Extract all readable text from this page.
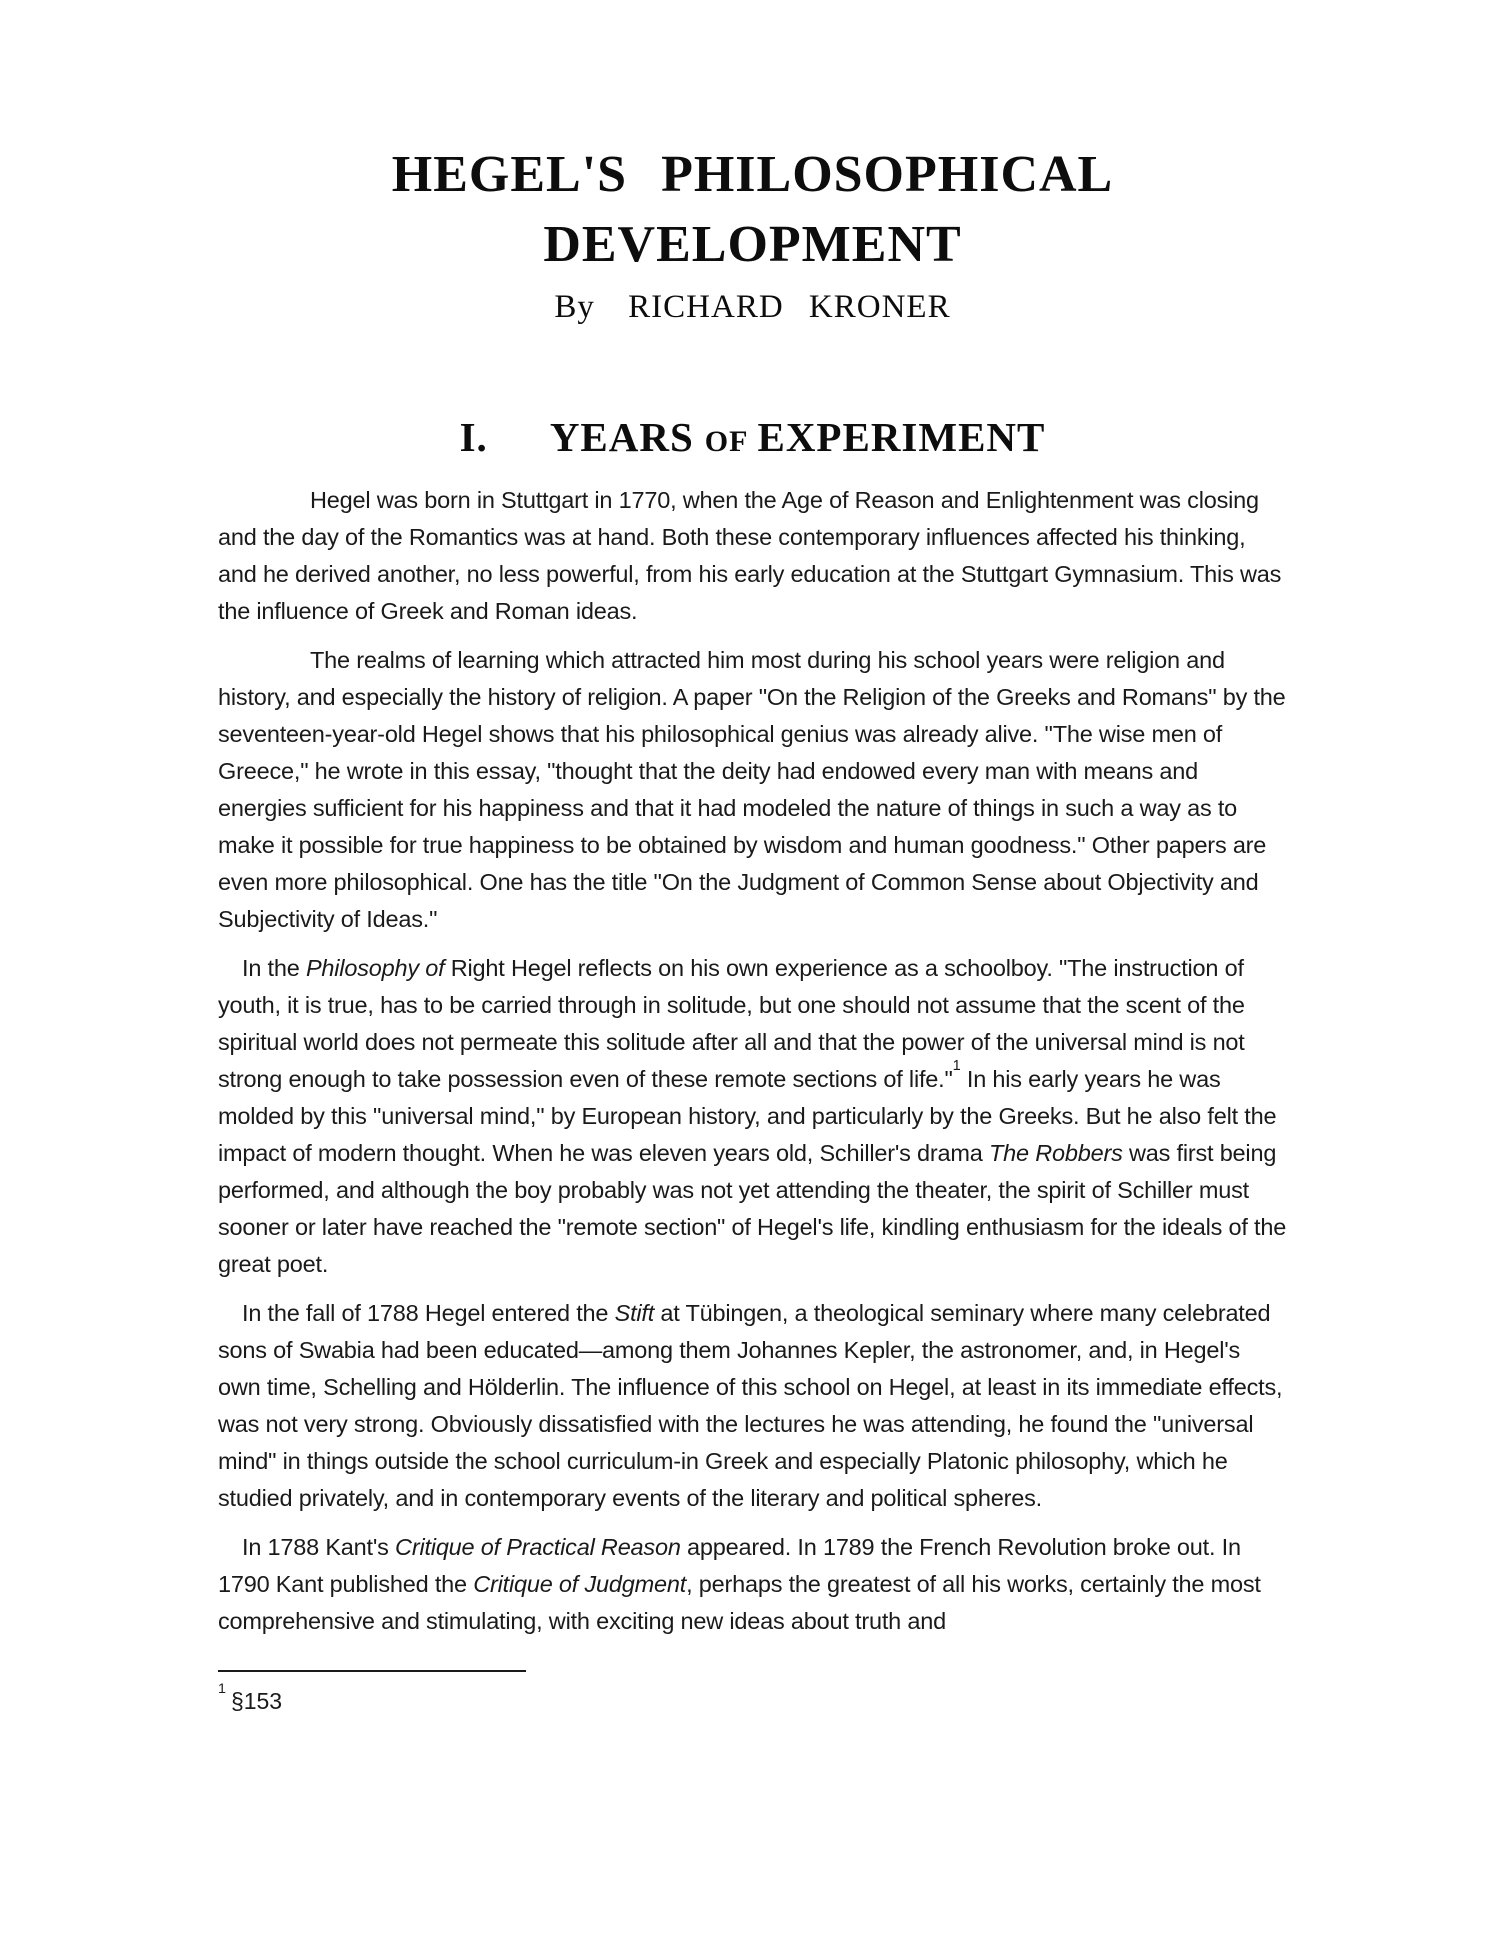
HEGEL'S PHILOSOPHICAL
DEVELOPMENT
By RICHARD KRONER
I. YEARS OF EXPERIMENT

Hegel was born in Stuttgart in 1770, when the Age of Reason and Enlightenment was closing and the day of the Romantics was at hand. Both these contemporary influences affected his thinking, and he derived another, no less powerful, from his early education at the Stuttgart Gymnasium. This was the influence of Greek and Roman ideas.

The realms of learning which attracted him most during his school years were religion and history, and especially the history of religion. A paper "On the Religion of the Greeks and Romans" by the seventeen-year-old Hegel shows that his philosophical genius was already alive. "The wise men of Greece," he wrote in this essay, "thought that the deity had endowed every man with means and energies sufficient for his happiness and that it had modeled the nature of things in such a way as to make it possible for true happiness to be obtained by wisdom and human goodness." Other papers are even more philosophical. One has the title "On the Judgment of Common Sense about Objectivity and Subjectivity of Ideas."

In the Philosophy of Right Hegel reflects on his own experience as a schoolboy. "The instruction of youth, it is true, has to be carried through in solitude, but one should not assume that the scent of the spiritual world does not permeate this solitude after all and that the power of the universal mind is not strong enough to take possession even of these remote sections of life."$^1$ In his early years he was molded by this "universal mind," by European history, and particularly by the Greeks. But he also felt the impact of modern thought. When he was eleven years old, Schiller's drama The Robbers was first being performed, and although the boy probably was not yet attending the theater, the spirit of Schiller must sooner or later have reached the "remote section" of Hegel's life, kindling enthusiasm for the ideals of the great poet.

In the fall of 1788 Hegel entered the Stift at Tübingen, a theological seminary where many celebrated sons of Swabia had been educated—among them Johannes Kepler, the astronomer, and, in Hegel's own time, Schelling and Hölderlin. The influence of this school on Hegel, at least in its immediate effects, was not very strong. Obviously dissatisfied with the lectures he was attending, he found the "universal mind" in things outside the school curriculum-in Greek and especially Platonic philosophy, which he studied privately, and in contemporary events of the literary and political spheres.

In 1788 Kant's Critique of Practical Reason appeared. In 1789 the French Revolution broke out. In 1790 Kant published the Critique of Judgment, perhaps the greatest of all his works, certainly the most comprehensive and stimulating, with exciting new ideas about truth and

$^1$ §153
